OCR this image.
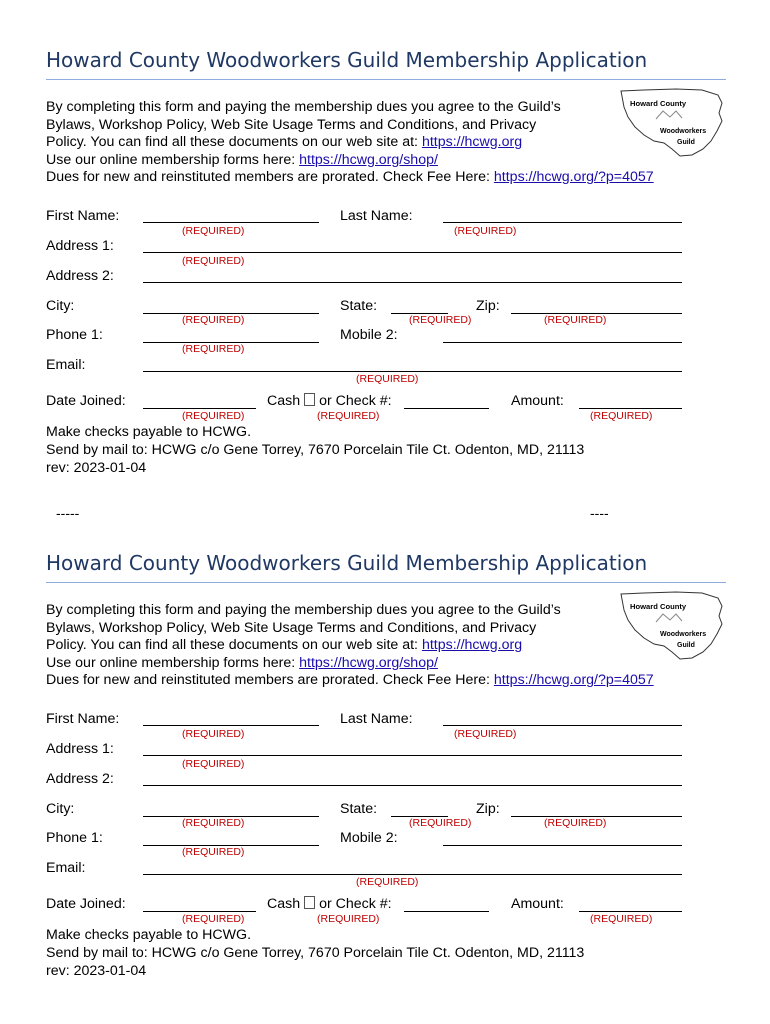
Howard County Woodworkers Guild Membership Application
By completing this form and paying the membership dues you agree to the Guild’s
Bylaws, Workshop Policy, Web Site Usage Terms and Conditions, and Privacy
Policy. You can find all these documents on our web site at: https://hcwg.org
Use our online membership forms here: https://hcwg.org/shop/
Dues for new and reinstituted members are prorated. Check Fee Here: https://hcwg.org/?p=4057
Howard County
Woodworkers
Guild
First Name:
(REQUIRED)
Last Name:
(REQUIRED)
Address 1:
(REQUIRED)
Address 2:
City:
(REQUIRED)
State:
(REQUIRED)
Zip:
(REQUIRED)
Phone 1:
(REQUIRED)
Mobile 2:
Email:
(REQUIRED)
Date Joined:
(REQUIRED)
Cash or Check #:
(REQUIRED)
Amount:
(REQUIRED)
Make checks payable to HCWG.
Send by mail to: HCWG c/o Gene Torrey, 7670 Porcelain Tile Ct. Odenton, MD, 21113
rev: 2023-01-04
-----	----
Howard County Woodworkers Guild Membership Application
By completing this form and paying the membership dues you agree to the Guild’s
Bylaws, Workshop Policy, Web Site Usage Terms and Conditions, and Privacy
Policy. You can find all these documents on our web site at: https://hcwg.org
Use our online membership forms here: https://hcwg.org/shop/
Dues for new and reinstituted members are prorated. Check Fee Here: https://hcwg.org/?p=4057
Howard County
Woodworkers
Guild
First Name:
(REQUIRED)
Last Name:
(REQUIRED)
Address 1:
(REQUIRED)
Address 2:
City:
(REQUIRED)
State:
(REQUIRED)
Zip:
(REQUIRED)
Phone 1:
(REQUIRED)
Mobile 2:
Email:
(REQUIRED)
Date Joined:
(REQUIRED)
Cash or Check #:
(REQUIRED)
Amount:
(REQUIRED)
Make checks payable to HCWG.
Send by mail to: HCWG c/o Gene Torrey, 7670 Porcelain Tile Ct. Odenton, MD, 21113
rev: 2023-01-04
